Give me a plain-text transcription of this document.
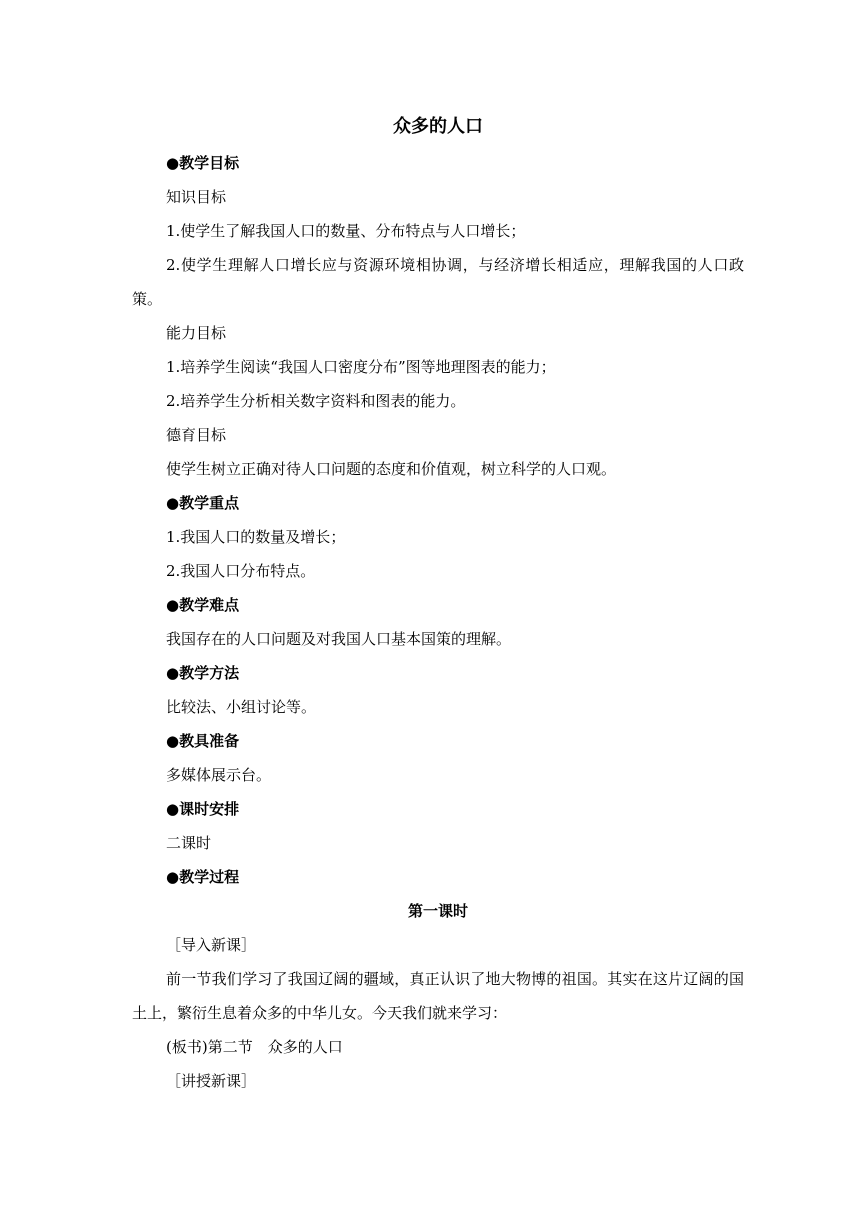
众多的人口

●教学目标

知识目标

1.使学生了解我国人口的数量、分布特点与人口增长；

2.使学生理解人口增长应与资源环境相协调，与经济增长相适应，理解我国的人口政策。

能力目标

1.培养学生阅读“我国人口密度分布”图等地理图表的能力；

2.培养学生分析相关数字资料和图表的能力。

德育目标

使学生树立正确对待人口问题的态度和价值观，树立科学的人口观。

●教学重点

1.我国人口的数量及增长；

2.我国人口分布特点。

●教学难点

我国存在的人口问题及对我国人口基本国策的理解。

●教学方法

比较法、小组讨论等。

●教具准备

多媒体展示台。

●课时安排

二课时

●教学过程

第一课时

［导入新课］

前一节我们学习了我国辽阔的疆域，真正认识了地大物博的祖国。其实在这片辽阔的国土上，繁衍生息着众多的中华儿女。今天我们就来学习：

(板书)第二节　众多的人口

［讲授新课］
